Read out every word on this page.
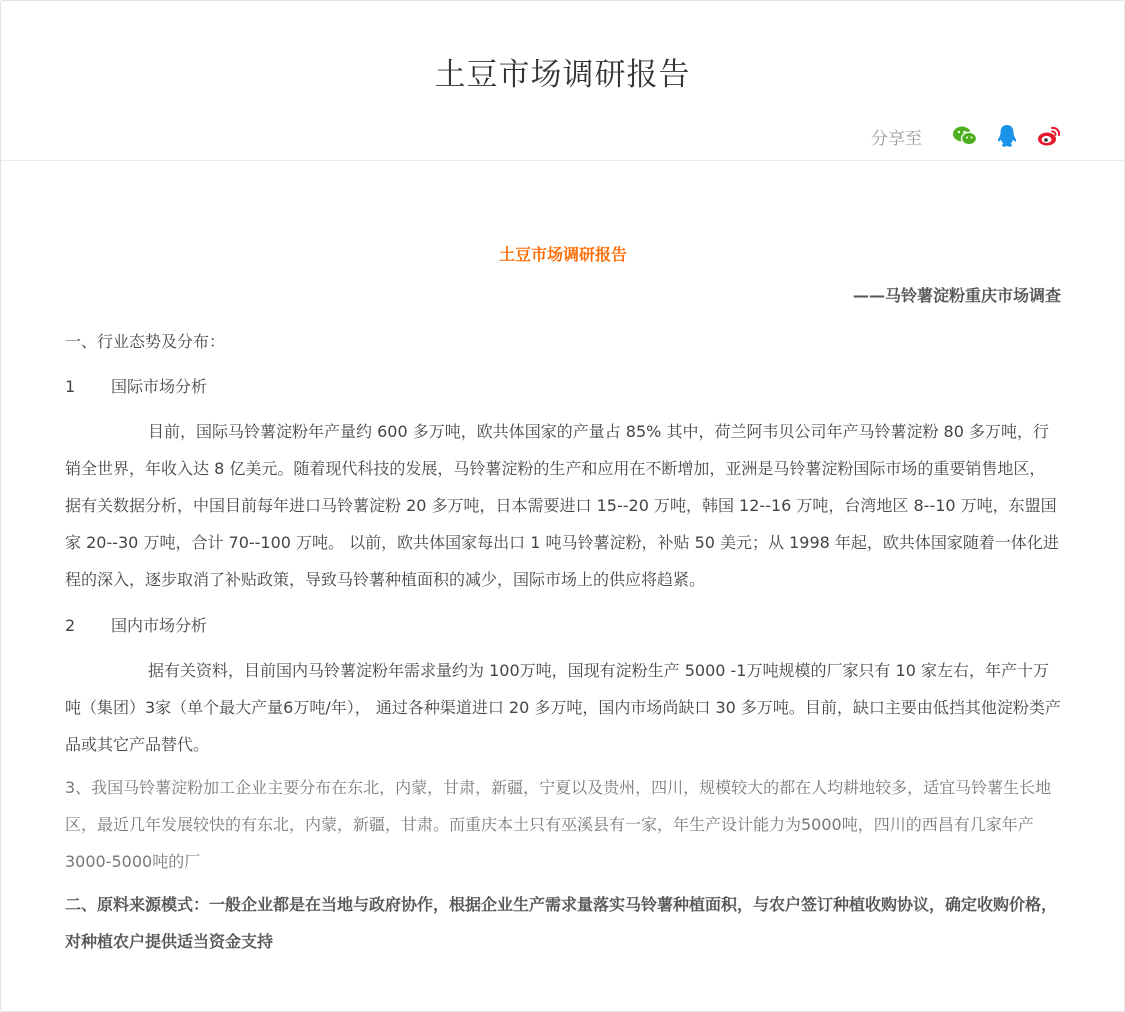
土豆市场调研报告
分享至
土豆市场调研报告
——马铃薯淀粉重庆市场调查

一、行业态势及分布：

1 国际市场分析

目前，国际马铃薯淀粉年产量约 600 多万吨，欧共体国家的产量占 85% 其中，荷兰阿韦贝公司年产马铃薯淀粉 80 多万吨，行销全世界，年收入达 8 亿美元。随着现代科技的发展，马铃薯淀粉的生产和应用在不断增加，亚洲是马铃薯淀粉国际市场的重要销售地区，据有关数据分析，中国目前每年进口马铃薯淀粉 20 多万吨，日本需要进口 15--20 万吨，韩国 12--16 万吨，台湾地区 8--10 万吨，东盟国家 20--30 万吨，合计 70--100 万吨。 以前，欧共体国家每出口 1 吨马铃薯淀粉，补贴 50 美元；从 1998 年起，欧共体国家随着一体化进程的深入，逐步取消了补贴政策，导致马铃薯种植面积的减少，国际市场上的供应将趋紧。

2 国内市场分析

据有关资料，目前国内马铃薯淀粉年需求量约为 100万吨，国现有淀粉生产 5000 -1万吨规模的厂家只有 10 家左右，年产十万吨（集团）3家（单个最大产量6万吨/年）， 通过各种渠道进口 20 多万吨，国内市场尚缺口 30 多万吨。目前，缺口主要由低挡其他淀粉类产品或其它产品替代。

3、我国马铃薯淀粉加工企业主要分布在东北，内蒙，甘肃，新疆，宁夏以及贵州，四川，规模较大的都在人均耕地较多，适宜马铃薯生长地区，最近几年发展较快的有东北，内蒙，新疆，甘肃。而重庆本土只有巫溪县有一家，年生产设计能力为5000吨，四川的西昌有几家年产3000-5000吨的厂

二、原料来源模式：一般企业都是在当地与政府协作，根据企业生产需求量落实马铃薯种植面积，与农户签订种植收购协议，确定收购价格，对种植农户提供适当资金支持
